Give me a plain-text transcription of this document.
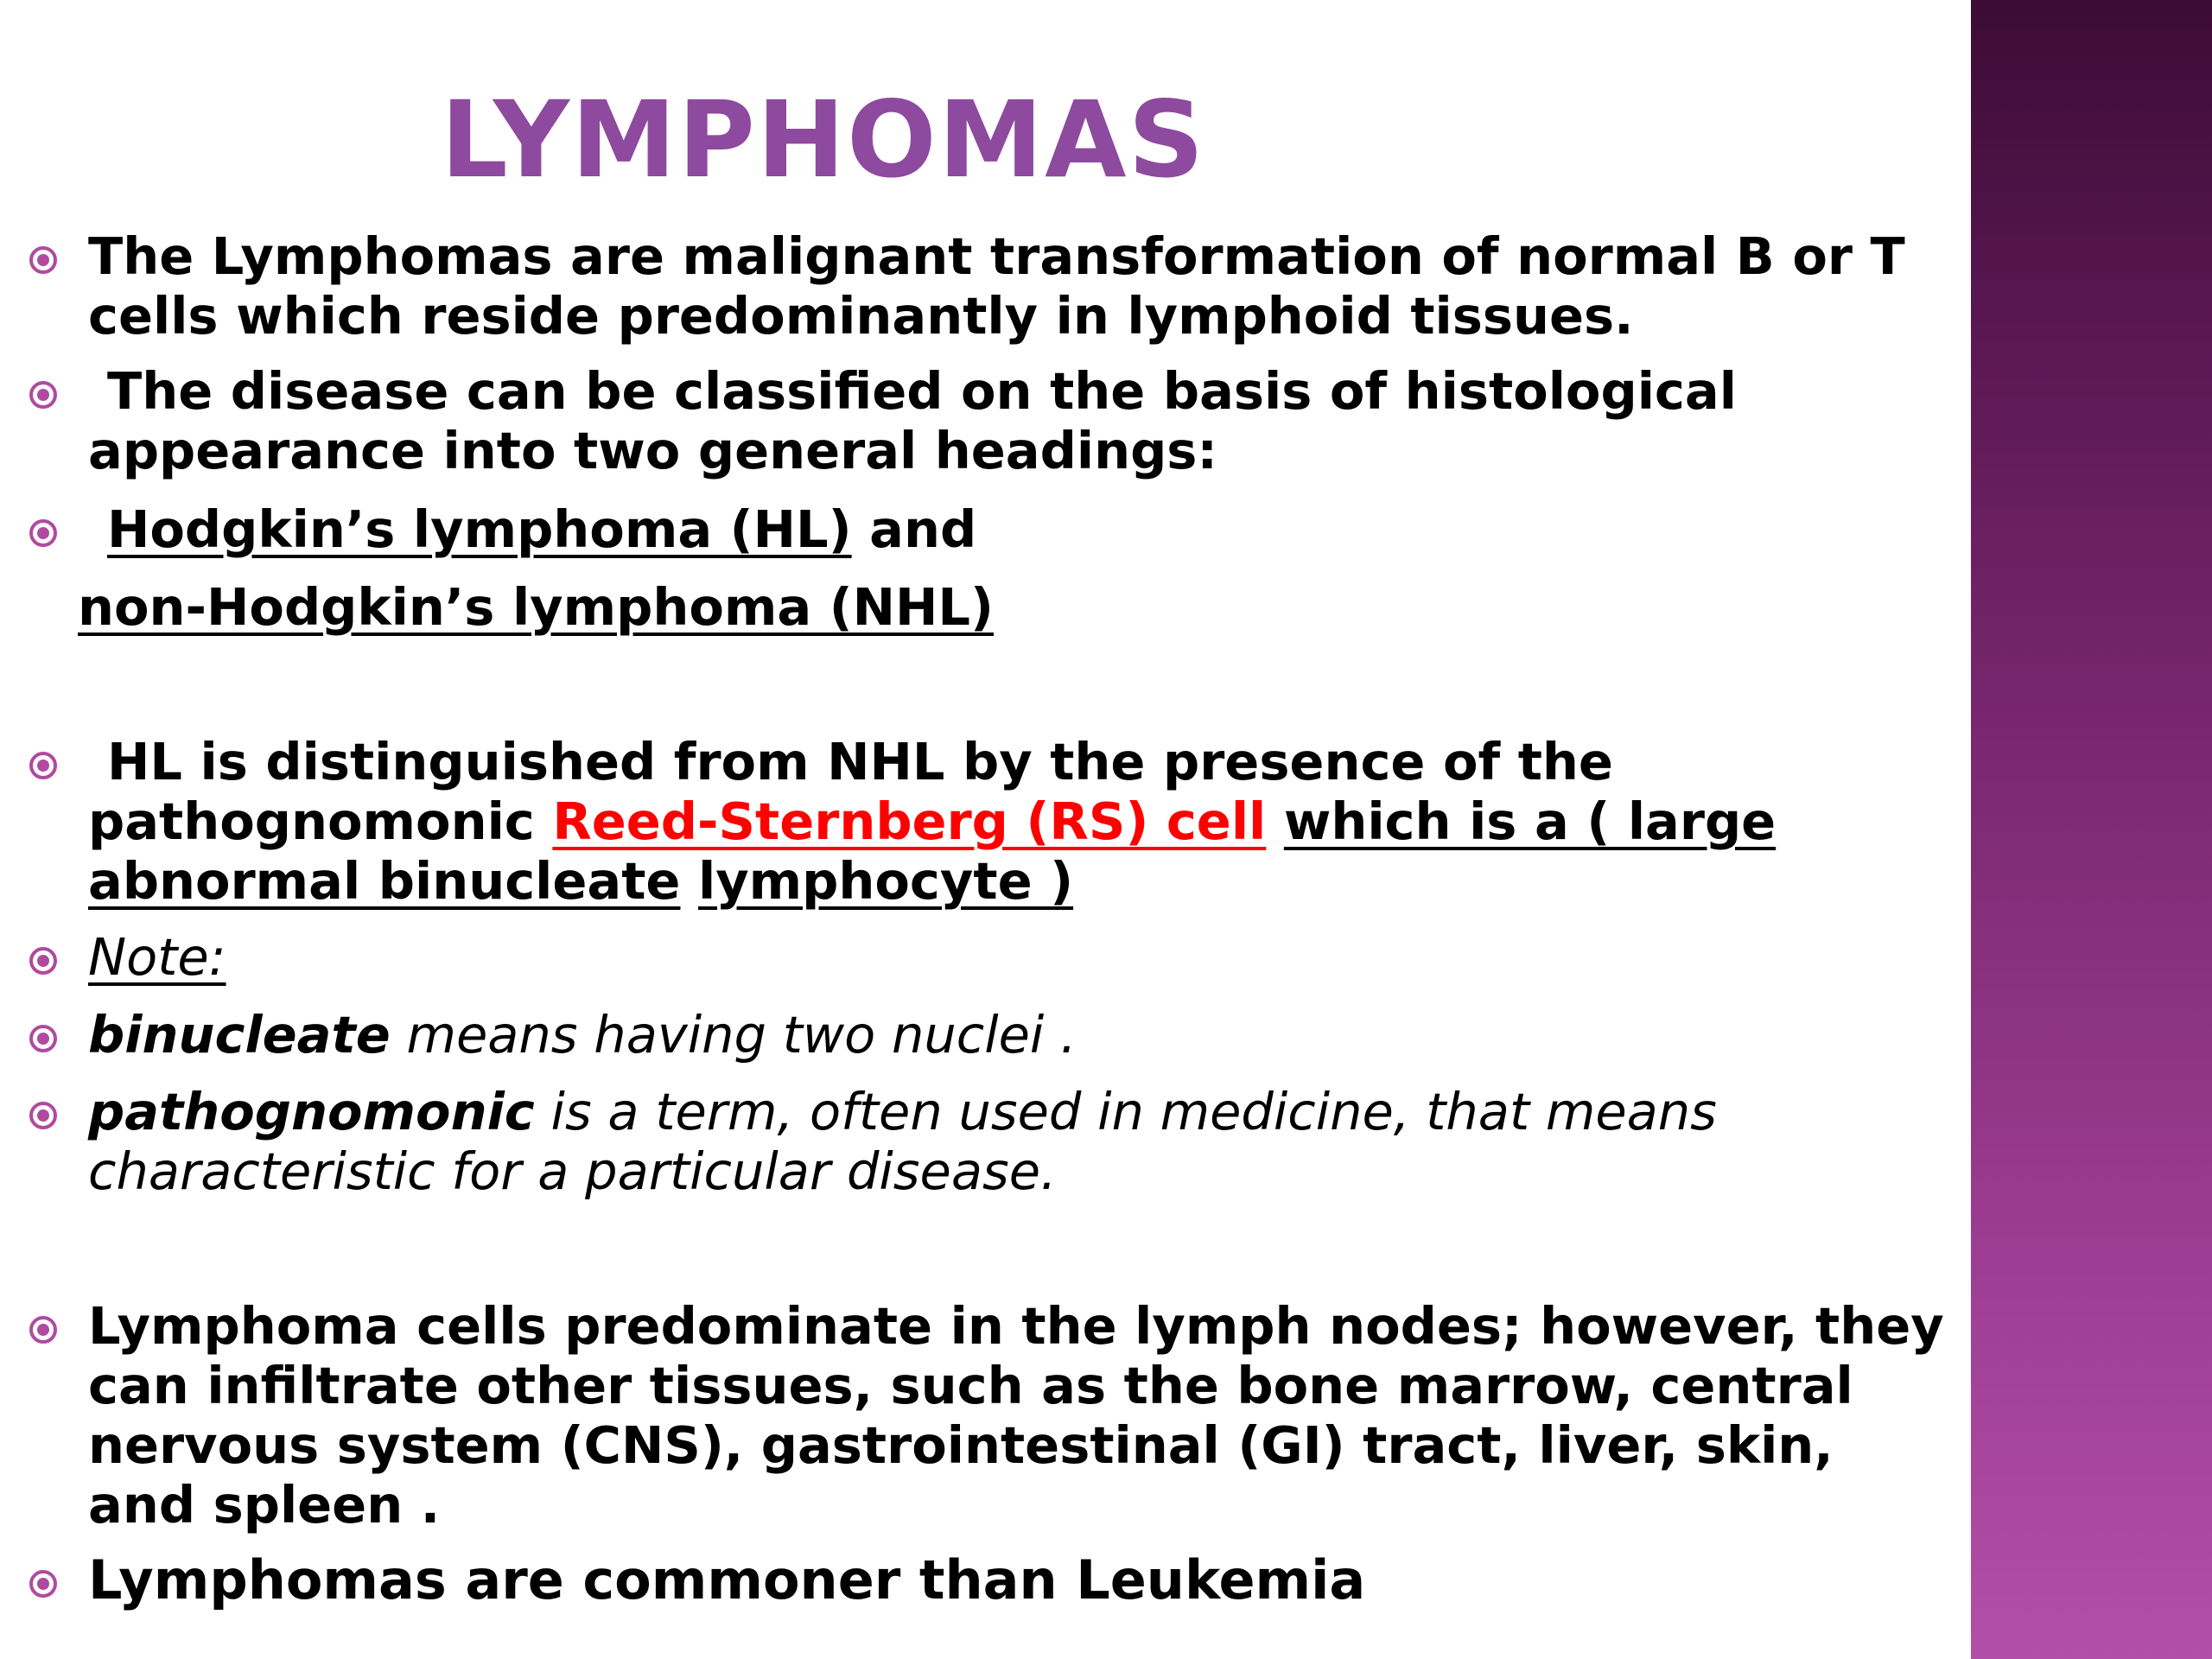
LYMPHOMAS

The Lymphomas are malignant transformation of normal B or T cells which reside predominantly in lymphoid tissues.

The disease can be classified on the basis of histological appearance into two general headings:

Hodgkin’s lymphoma (HL) and

non-Hodgkin’s lymphoma (NHL)

HL is distinguished from NHL by the presence of the pathognomonic Reed-Sternberg (RS) cell which is a ( large abnormal binucleate lymphocyte )

Note:

binucleate means having two nuclei .

pathognomonic is a term, often used in medicine, that means characteristic for a particular disease.

Lymphoma cells predominate in the lymph nodes; however, they can infiltrate other tissues, such as the bone marrow, central nervous system (CNS), gastrointestinal (GI) tract, liver, skin, and spleen .

Lymphomas are commoner than Leukemia
